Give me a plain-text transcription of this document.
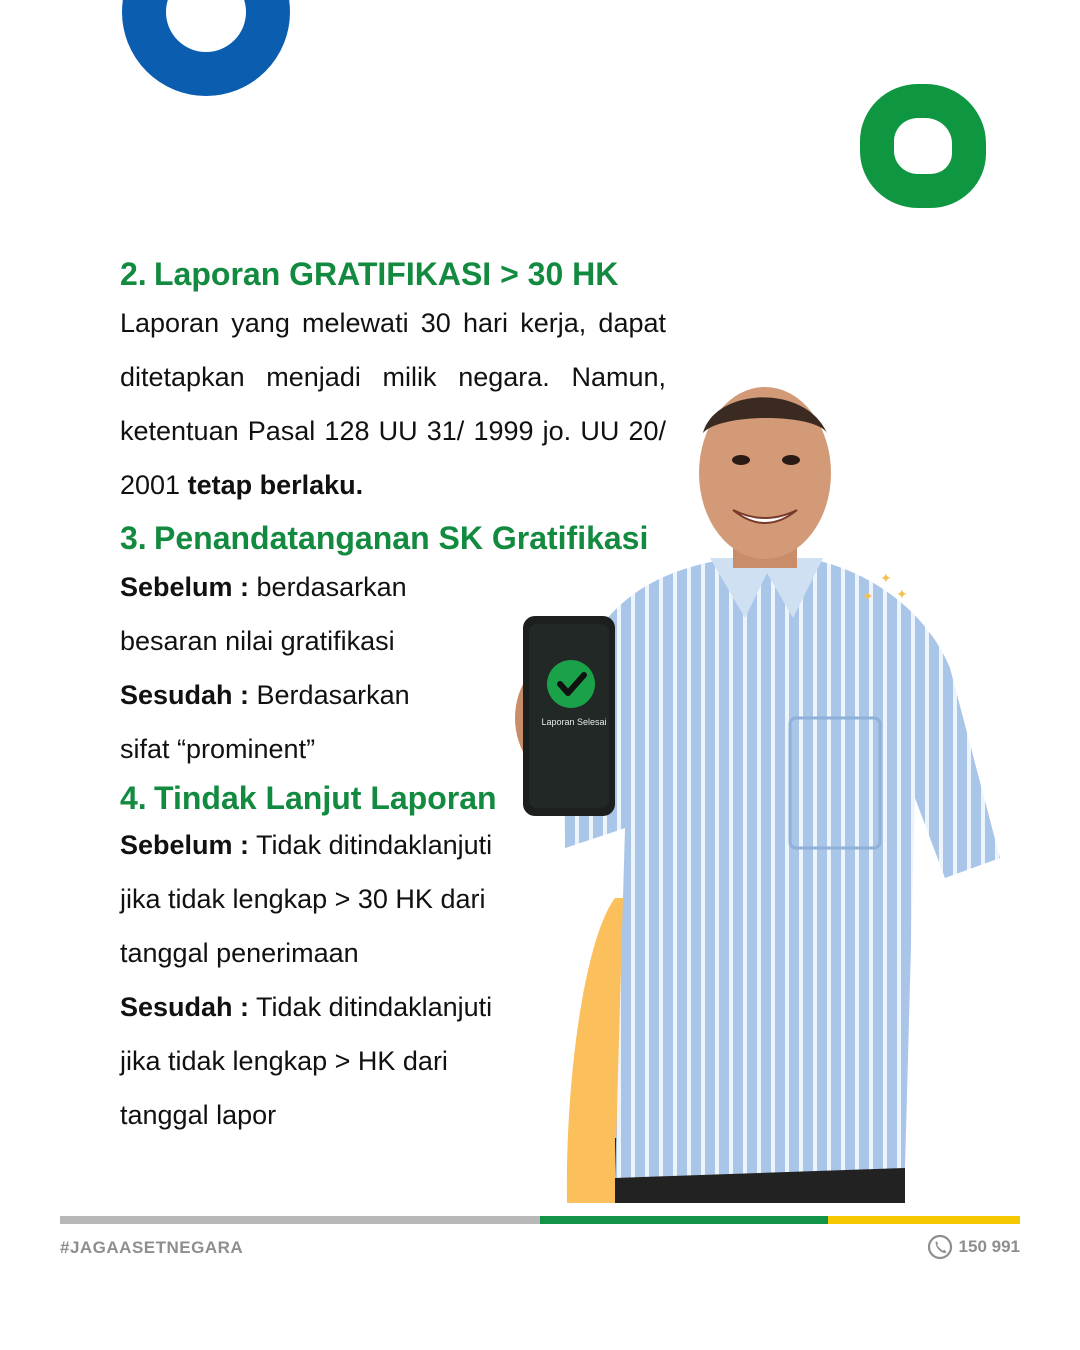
Laporan Selesai
✦
✦
✦
2. Laporan GRATIFIKASI > 30 HK

Laporan yang melewati 30 hari kerja, dapat ditetapkan menjadi milik negara. Namun, ketentuan Pasal 128 UU 31/ 1999 jo. UU 20/ 2001 tetap berlaku.

3. Penandatanganan SK Gratifikasi

Sebelum : berdasarkan

besaran nilai gratifikasi

Sesudah : Berdasarkan

sifat “prominent”

4. Tindak Lanjut Laporan

Sebelum : Tidak ditindaklanjuti

jika tidak lengkap > 30 HK dari

tanggal penerimaan

Sesudah : Tidak ditindaklanjuti

jika tidak lengkap > HK dari

tanggal lapor

#JAGAASETNEGARA	150 991
